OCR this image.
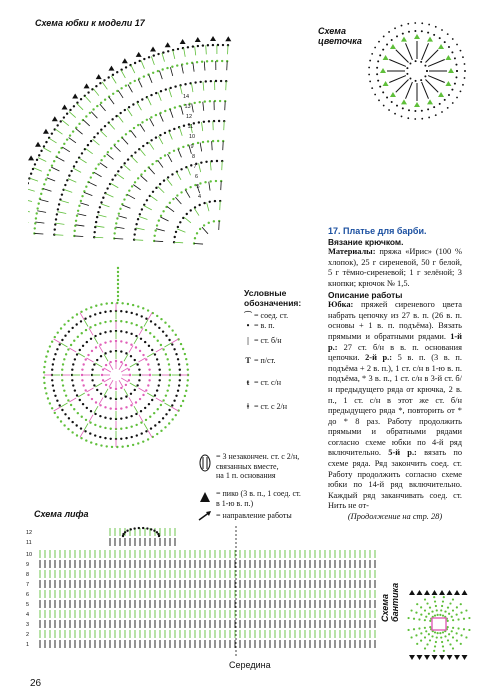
Схема юбки к модели 17
Схема
цветочка
Схема лифа
Середина
26
14
13
12
11
10
9
8
7
6
5
4
Условные
обозначения:
⌒ = соед. ст.
• = в. п.
| = ст. б/н
T = п/ст.
ŧ = ст. с/н
ǂ = ст. с 2/н
= 3 незакончен. ст. с 2/н,
связанных вместе,
на 1 п. основания
= пико (3 в. п., 1 соед. ст.
в 1-ю в. п.)
= направление работы

17. Платье для барби.

Вязание крючком.

Материалы: пряжа «Ирис» (100 % хлопок), 25 г сиреневой, 50 г белой, 5 г тёмно-сиреневой; 1 г зелёной; 3 кнопки; крючок № 1,5.

Описание работы

Юбка: пряжей сиреневого цвета набрать цепочку из 27 в. п. (26 в. п. основы + 1 в. п. подъёма). Вязать прямыми и обратными рядами. 1-й р.: 27 ст. б/н в в. п. основания цепочки. 2-й р.: 5 в. п. (3 в. п. подъёма + 2 в. п.), 1 ст. с/н в 1-ю в. п. подъёма, * 3 в. п., 1 ст. с/н в 3-й ст. б/н предыдущего ряда от крючка, 2 в. п., 1 ст. с/н в этот же ст. б/н предыдущего ряда *, повторить от * до * 8 раз. Работу продолжить прямыми и обратными рядами согласно схеме юбки по 4-й ряд включительно. 5-й р.: вязать по схеме ряда. Ряд закончить соед. ст. Работу продолжить согласно схеме юбки по 14-й ряд включительно. Каждый ряд заканчивать соед. ст. Нить не от-

(Продолжение на стр. 28)

12
11
10
9
8
7
6
5
4
3
2
1
Схема
бантика
